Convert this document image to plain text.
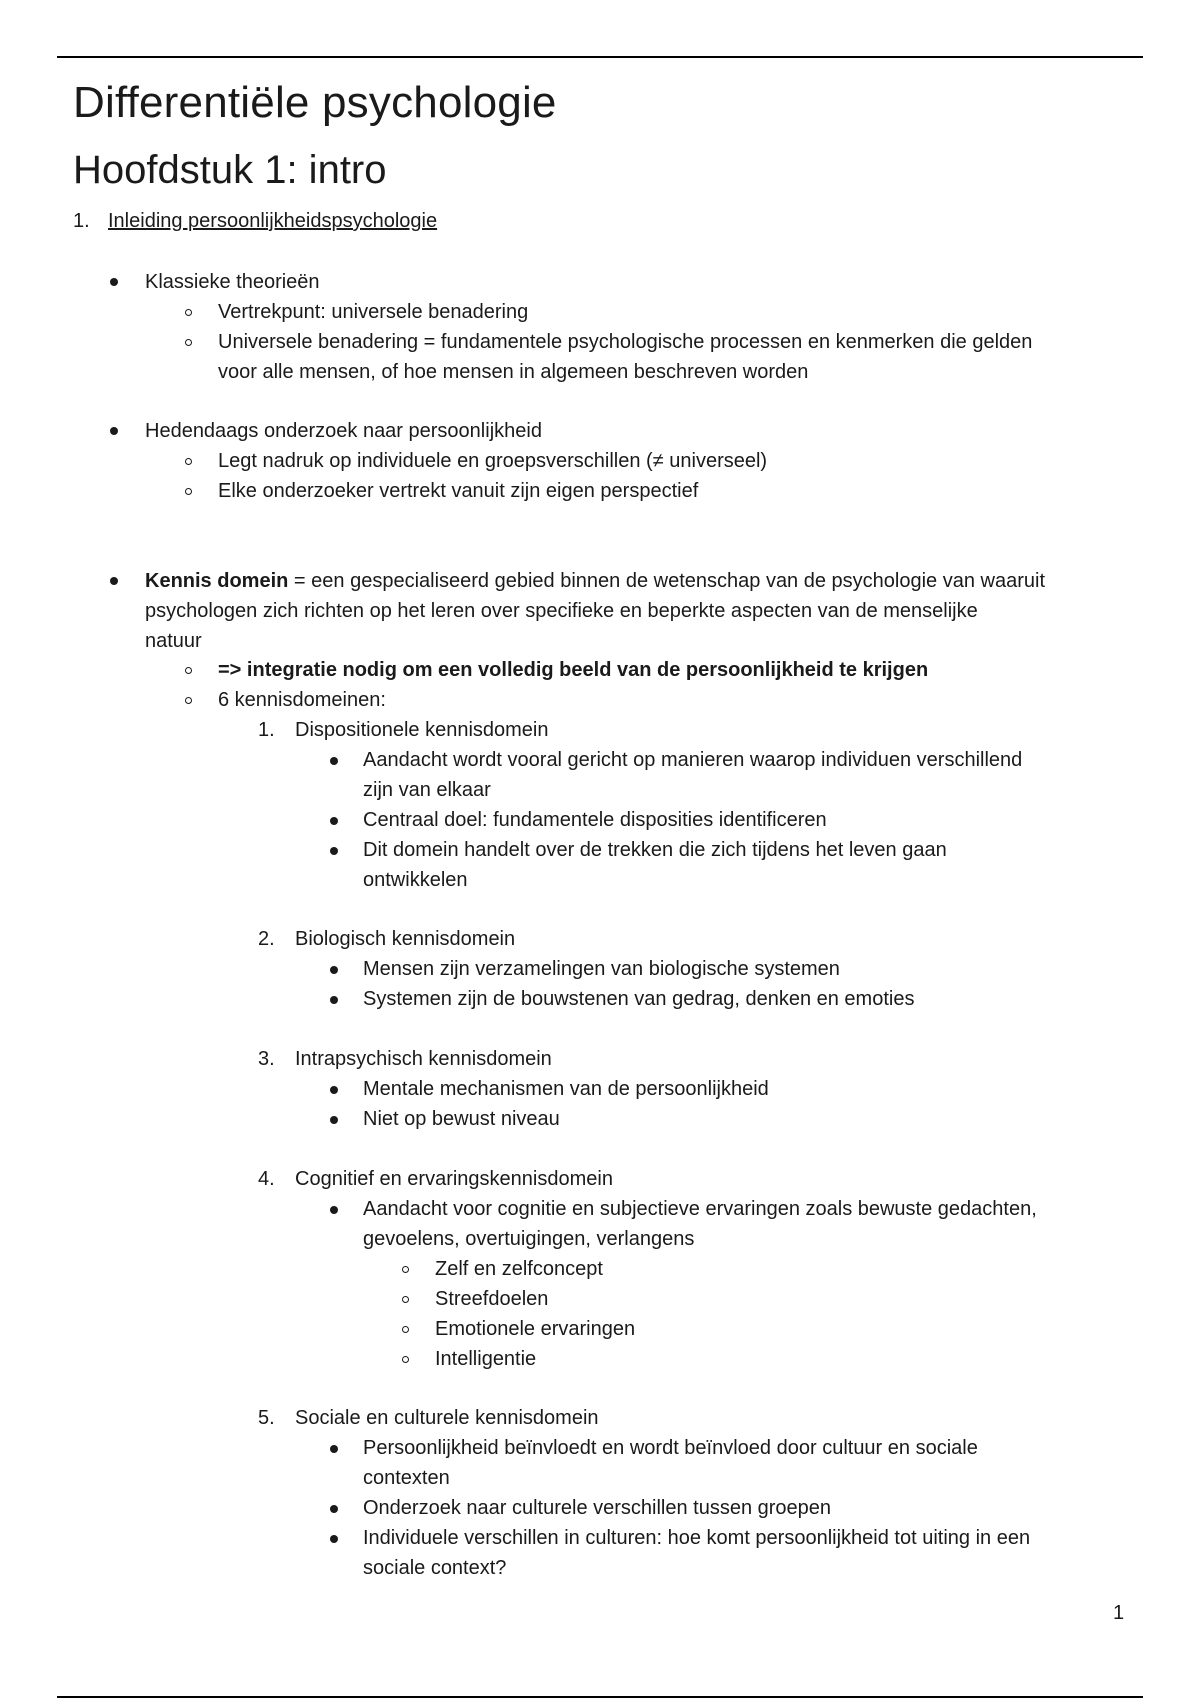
Differentiële psychologie
Hoofdstuk 1: intro
1. Inleiding persoonlijkheidspsychologie
Klassieke theorieën
Vertrekpunt: universele benadering
Universele benadering = fundamentele psychologische processen en kenmerken die gelden
voor alle mensen, of hoe mensen in algemeen beschreven worden
Hedendaags onderzoek naar persoonlijkheid
Legt nadruk op individuele en groepsverschillen (≠ universeel)
Elke onderzoeker vertrekt vanuit zijn eigen perspectief
Kennis domein = een gespecialiseerd gebied binnen de wetenschap van de psychologie van waaruit
psychologen zich richten op het leren over specifieke en beperkte aspecten van de menselijke
natuur
=> integratie nodig om een volledig beeld van de persoonlijkheid te krijgen
6 kennisdomeinen:
1. Dispositionele kennisdomein
Aandacht wordt vooral gericht op manieren waarop individuen verschillend
zijn van elkaar
Centraal doel: fundamentele disposities identificeren
Dit domein handelt over de trekken die zich tijdens het leven gaan
ontwikkelen
2. Biologisch kennisdomein
Mensen zijn verzamelingen van biologische systemen
Systemen zijn de bouwstenen van gedrag, denken en emoties
3. Intrapsychisch kennisdomein
Mentale mechanismen van de persoonlijkheid
Niet op bewust niveau
4. Cognitief en ervaringskennisdomein
Aandacht voor cognitie en subjectieve ervaringen zoals bewuste gedachten,
gevoelens, overtuigingen, verlangens
Zelf en zelfconcept
Streefdoelen
Emotionele ervaringen
Intelligentie
5. Sociale en culturele kennisdomein
Persoonlijkheid beïnvloedt en wordt beïnvloed door cultuur en sociale
contexten
Onderzoek naar culturele verschillen tussen groepen
Individuele verschillen in culturen: hoe komt persoonlijkheid tot uiting in een
sociale context?
1
